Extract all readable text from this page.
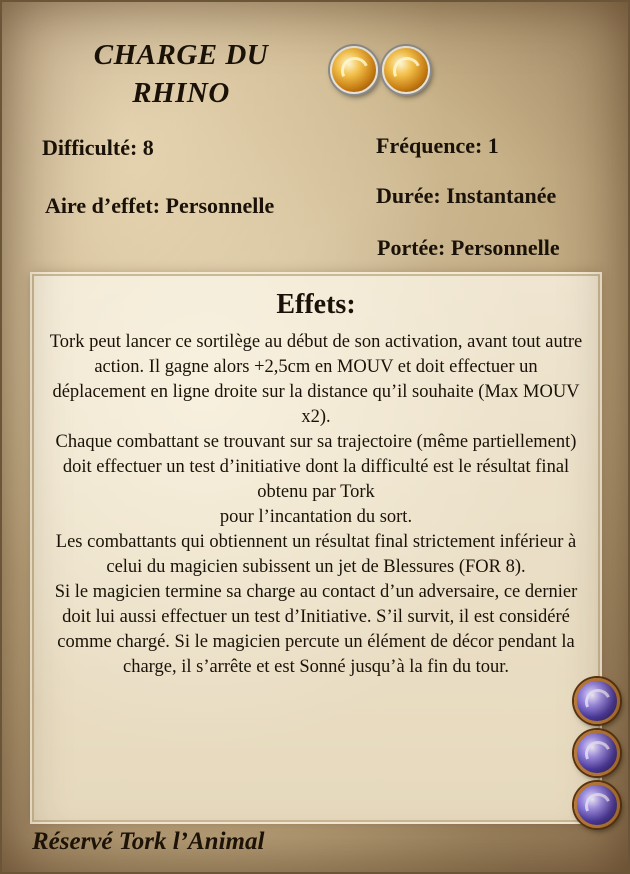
CHARGE DU
RHINO
Difficulté: 8	Fréquence: 1
Aire d’effet: Personnelle	Durée: Instantanée
Portée: Personnelle
Effets:

Tork peut lancer ce sortilège au début de son activation, avant tout autre action. Il gagne alors +2,5cm en MOUV et doit effectuer un déplacement en ligne droite sur la distance qu’il souhaite (Max MOUV x2).

Chaque combattant se trouvant sur sa trajectoire (même partiellement) doit effectuer un test d’initiative dont la difficulté est le résultat final obtenu par Tork

pour l’incantation du sort.

Les combattants qui obtiennent un résultat final strictement inférieur à celui du magicien subissent un jet de Blessures (FOR 8).

Si le magicien termine sa charge au contact d’un adversaire, ce dernier doit lui aussi effectuer un test d’Initiative. S’il survit, il est considéré comme chargé. Si le magicien percute un élément de décor pendant la charge, il s’arrête et est Sonné jusqu’à la fin du tour.

Réservé Tork l’Animal
